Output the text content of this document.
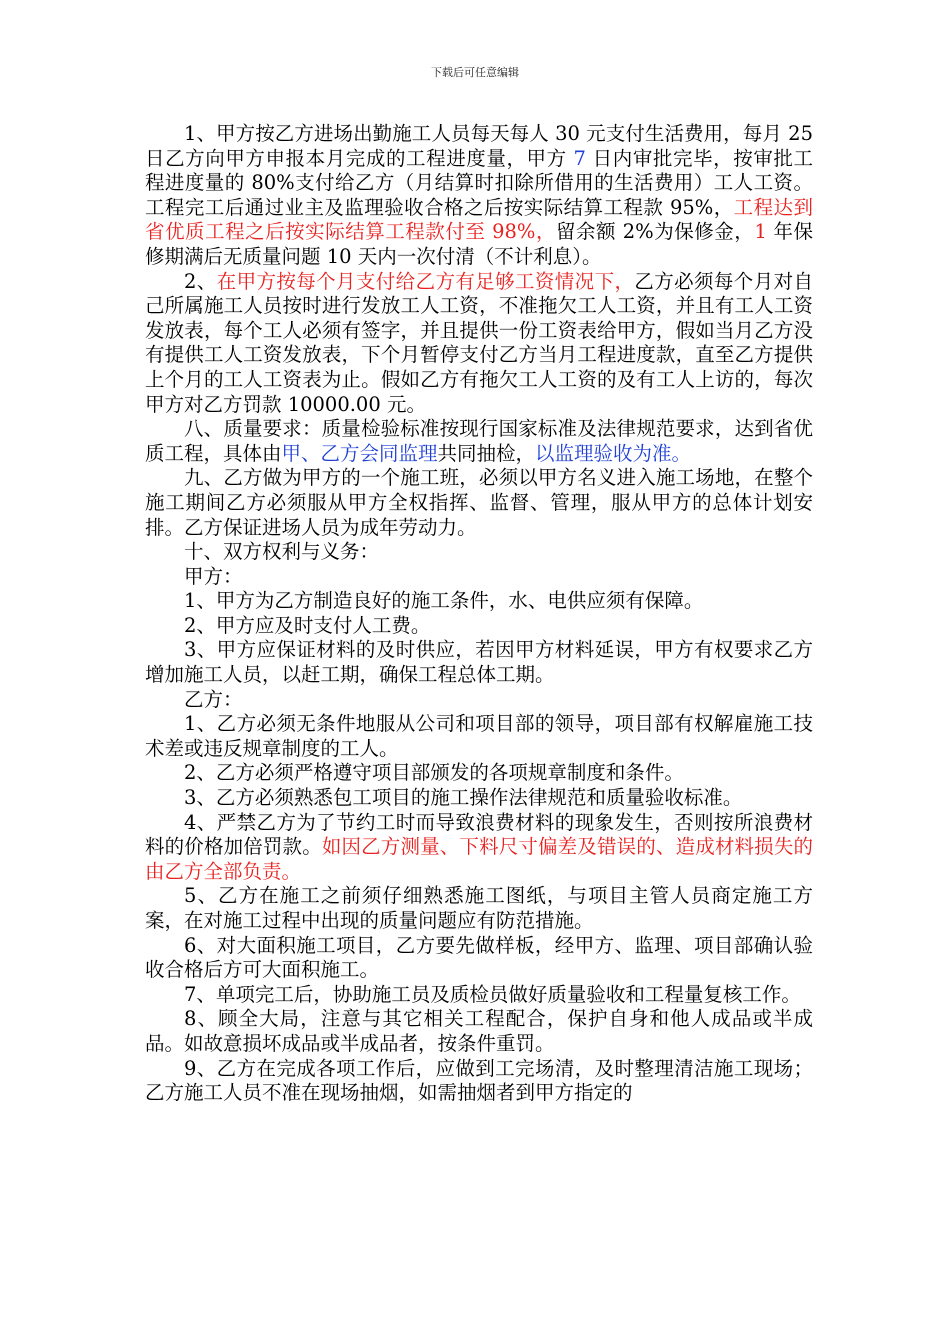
下载后可任意编辑

1、甲方按乙方进场出勤施工人员每天每人 30 元支付生活费用，每月 25 日乙方向甲方申报本月完成的工程进度量，甲方 7 日内审批完毕，按审批工程进度量的 80%支付给乙方（月结算时扣除所借用的生活费用）工人工资。工程完工后通过业主及监理验收合格之后按实际结算工程款 95%，工程达到省优质工程之后按实际结算工程款付至 98%，留余额 2%为保修金，1 年保修期满后无质量问题 10 天内一次付清（不计利息）。

2、在甲方按每个月支付给乙方有足够工资情况下，乙方必须每个月对自己所属施工人员按时进行发放工人工资，不准拖欠工人工资，并且有工人工资发放表，每个工人必须有签字，并且提供一份工资表给甲方，假如当月乙方没有提供工人工资发放表，下个月暂停支付乙方当月工程进度款，直至乙方提供上个月的工人工资表为止。假如乙方有拖欠工人工资的及有工人上访的，每次甲方对乙方罚款 10000.00 元。

八、质量要求：质量检验标准按现行国家标准及法律规范要求，达到省优质工程，具体由甲、乙方会同监理共同抽检，以监理验收为准。

九、乙方做为甲方的一个施工班，必须以甲方名义进入施工场地，在整个施工期间乙方必须服从甲方全权指挥、监督、管理，服从甲方的总体计划安排。乙方保证进场人员为成年劳动力。

十、双方权利与义务：

甲方：

1、甲方为乙方制造良好的施工条件，水、电供应须有保障。

2、甲方应及时支付人工费。

3、甲方应保证材料的及时供应，若因甲方材料延误，甲方有权要求乙方增加施工人员，以赶工期，确保工程总体工期。

乙方：

1、乙方必须无条件地服从公司和项目部的领导，项目部有权解雇施工技术差或违反规章制度的工人。

2、乙方必须严格遵守项目部颁发的各项规章制度和条件。

3、乙方必须熟悉包工项目的施工操作法律规范和质量验收标准。

4、严禁乙方为了节约工时而导致浪费材料的现象发生，否则按所浪费材料的价格加倍罚款。如因乙方测量、下料尺寸偏差及错误的、造成材料损失的由乙方全部负责。

5、乙方在施工之前须仔细熟悉施工图纸，与项目主管人员商定施工方案，在对施工过程中出现的质量问题应有防范措施。

6、对大面积施工项目，乙方要先做样板，经甲方、监理、项目部确认验收合格后方可大面积施工。

7、单项完工后，协助施工员及质检员做好质量验收和工程量复核工作。

8、顾全大局，注意与其它相关工程配合，保护自身和他人成品或半成品。如故意损坏成品或半成品者，按条件重罚。

9、乙方在完成各项工作后，应做到工完场清，及时整理清洁施工现场；乙方施工人员不准在现场抽烟，如需抽烟者到甲方指定的
